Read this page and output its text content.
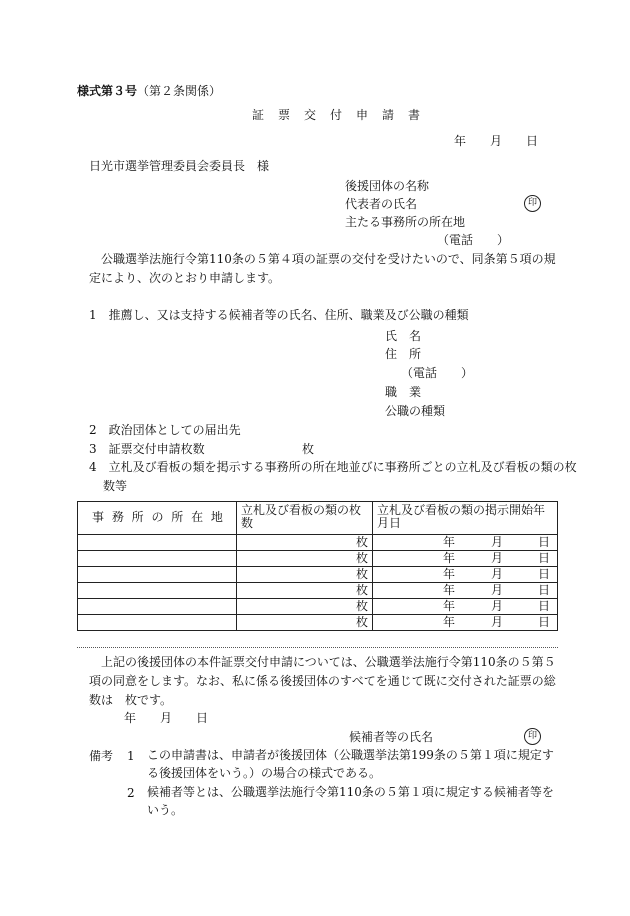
様式第３号（第２条関係）
証　票　交　付　申　請　書
年　　月　　日
日光市選挙管理委員会委員長　様
後援団体の名称
代表者の氏名	印
主たる事務所の所在地
（電話　　）
公職選挙法施行令第110条の５第４項の証票の交付を受けたいので、同条第５項の規定により、次のとおり申請します。
1　推薦し、又は支持する候補者等の氏名、住所、職業及び公職の種類
氏　名
住　所
（電話　　）
職　業
公職の種類
2　政治団体としての届出先
3　証票交付申請枚数	枚
4　立札及び看板の類を掲示する事務所の所在地並びに事務所ごとの立札及び看板の類の枚数等
事 務 所 の 所 在 地	立札及び看板の類の枚数	立札及び看板の類の掲示開始年月日
	枚	年 月 日

	枚	年 月 日

	枚	年 月 日

	枚	年 月 日

	枚	年 月 日

	枚	年 月 日
上記の後援団体の本件証票交付申請については、公職選挙法施行令第110条の５第５項の同意をします。なお、私に係る後援団体のすべてを通じて既に交付された証票の総数は　枚です。
年　　月　　日
候補者等の氏名	印
備考 1 この申請書は、申請者が後援団体（公職選挙法第199条の５第１項に規定する後援団体をいう。）の場合の様式である。
2 候補者等とは、公職選挙法施行令第110条の５第１項に規定する候補者等をいう。
